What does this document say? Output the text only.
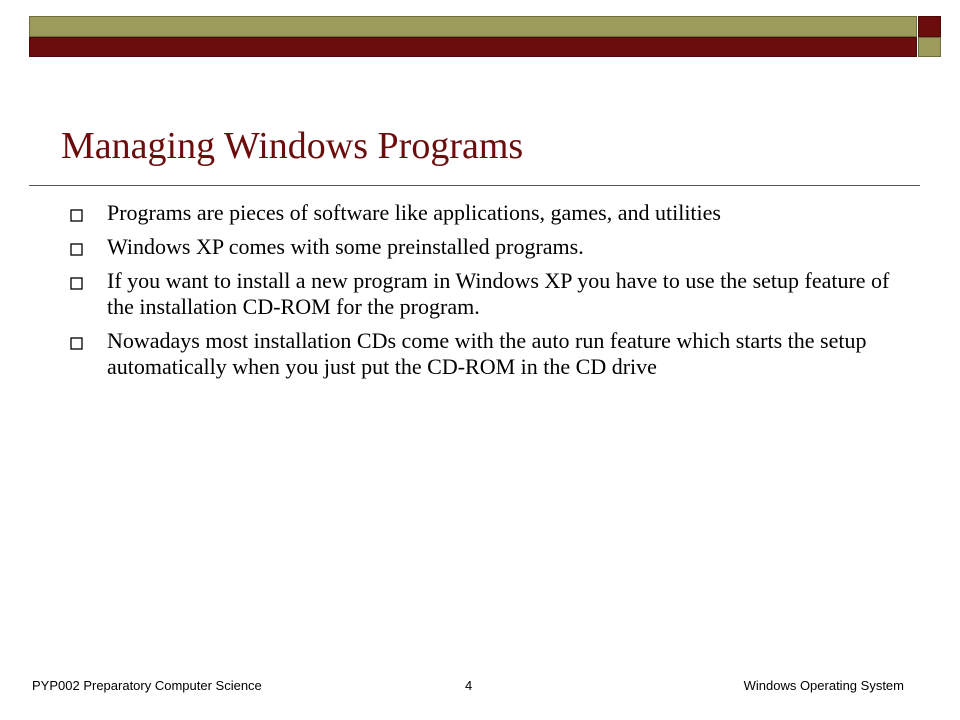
Managing Windows Programs
Programs are pieces of software like applications, games, and utilities
Windows XP comes with some preinstalled programs.
If you want to install a new program in Windows XP you have to use the setup feature of the installation CD-ROM for the program.
Nowadays most installation CDs come with the auto run feature which starts the setup automatically when you just put the CD-ROM in the CD drive
PYP002 Preparatory Computer Science	4	Windows Operating System
